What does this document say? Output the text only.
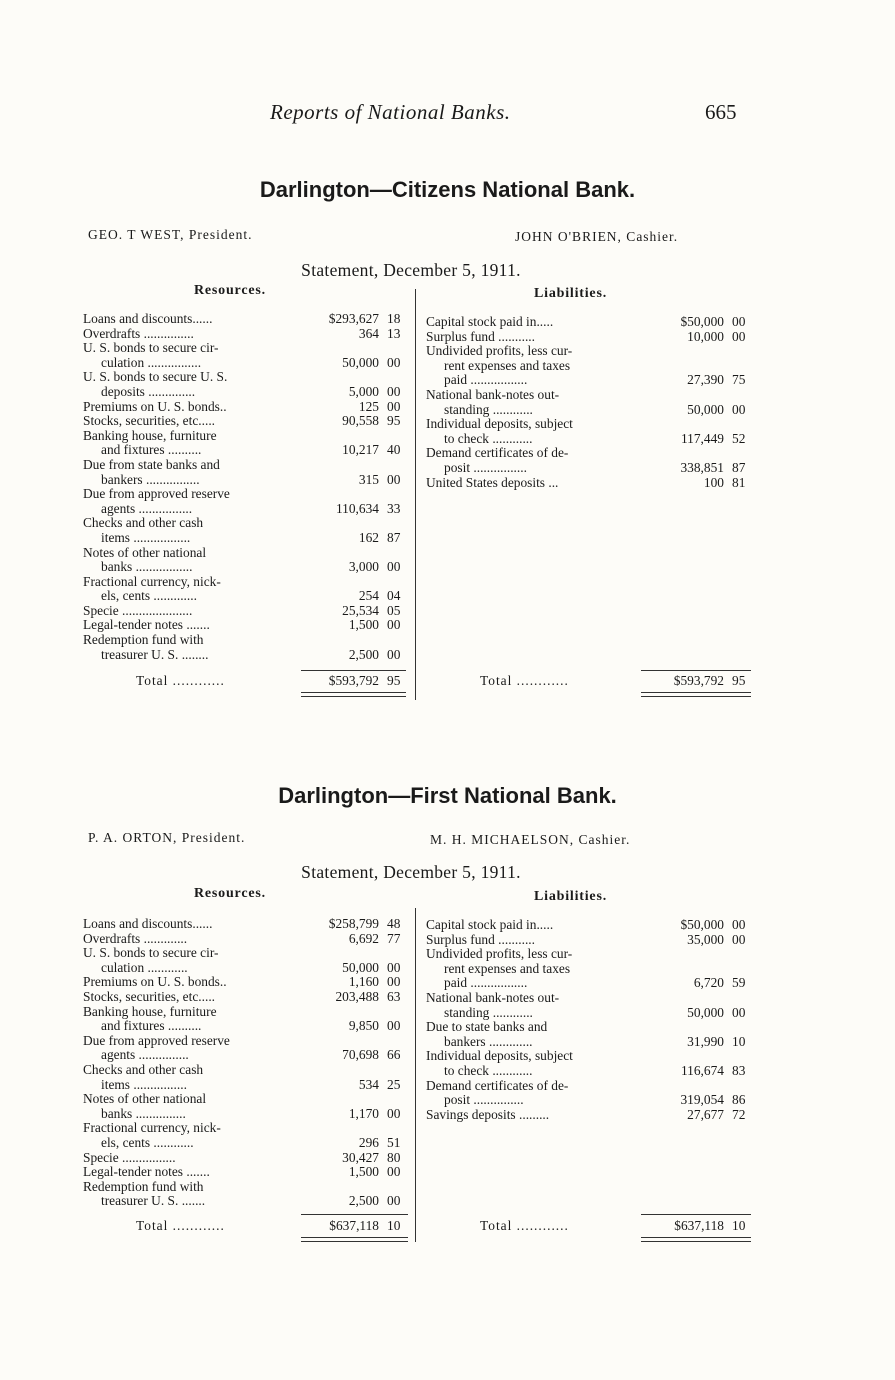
Reports of National Banks.	665
Darlington—Citizens National Bank.
GEO. T WEST, President.	JOHN O'BRIEN, Cashier.
Statement, December 5, 1911.
Resources.	Liabilities.
Loans and discounts......	$293,627 18
Overdrafts ...............	364 13
U. S. bonds to secure cir-
culation ................	50,000 00
U. S. bonds to secure U. S.
deposits ..............	5,000 00
Premiums on U. S. bonds..	125 00
Stocks, securities, etc.....	90,558 95
Banking house, furniture
and fixtures ..........	10,217 40
Due from state banks and
bankers ................	315 00
Due from approved reserve
agents ................	110,634 33
Checks and other cash
items .................	162 87
Notes of other national
banks .................	3,000 00
Fractional currency, nick-
els, cents .............	254 04
Specie .....................	25,534 05
Legal-tender notes .......	1,500 00
Redemption fund with
treasurer U. S. ........	2,500 00
Capital stock paid in.....	$50,000 00
Surplus fund ...........	10,000 00
Undivided profits, less cur-
rent expenses and taxes
paid .................	27,390 75
National bank-notes out-
standing ............	50,000 00
Individual deposits, subject
to check ............	117,449 52
Demand certificates of de-
posit ................	338,851 87
United States deposits ...	100 81
Total ............	$593,792 95	Total ............	$593,792 95
Darlington—First National Bank.
P. A. ORTON, President.	M. H. MICHAELSON, Cashier.
Statement, December 5, 1911.
Resources.	Liabilities.
Loans and discounts......	$258,799 48
Overdrafts .............	6,692 77
U. S. bonds to secure cir-
culation ............	50,000 00
Premiums on U. S. bonds..	1,160 00
Stocks, securities, etc.....	203,488 63
Banking house, furniture
and fixtures ..........	9,850 00
Due from approved reserve
agents ...............	70,698 66
Checks and other cash
items ................	534 25
Notes of other national
banks ...............	1,170 00
Fractional currency, nick-
els, cents ............	296 51
Specie ................	30,427 80
Legal-tender notes .......	1,500 00
Redemption fund with
treasurer U. S. .......	2,500 00
Capital stock paid in.....	$50,000 00
Surplus fund ...........	35,000 00
Undivided profits, less cur-
rent expenses and taxes
paid .................	6,720 59
National bank-notes out-
standing ............	50,000 00
Due to state banks and
bankers .............	31,990 10
Individual deposits, subject
to check ............	116,674 83
Demand certificates of de-
posit ...............	319,054 86
Savings deposits .........	27,677 72
Total ............	$637,118 10	Total ............	$637,118 10
